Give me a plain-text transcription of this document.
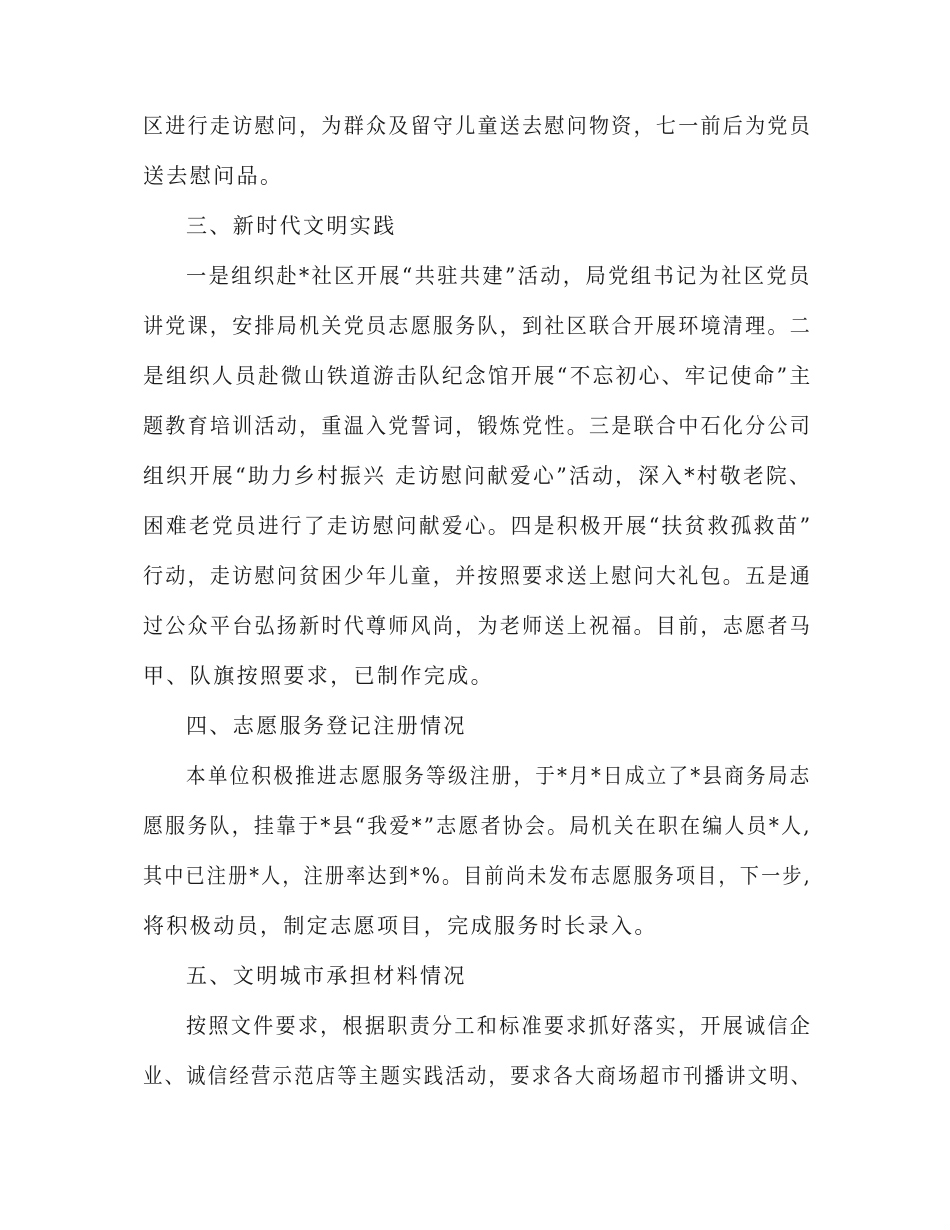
区进行走访慰问，为群众及留守儿童送去慰问物资，七一前后为党员
送去慰问品。
三、新时代文明实践
一是组织赴*社区开展“共驻共建”活动，局党组书记为社区党员
讲党课，安排局机关党员志愿服务队，到社区联合开展环境清理。二
是组织人员赴微山铁道游击队纪念馆开展“不忘初心、牢记使命”主
题教育培训活动，重温入党誓词，锻炼党性。三是联合中石化分公司
组织开展“助力乡村振兴 走访慰问献爱心”活动，深入*村敬老院、
困难老党员进行了走访慰问献爱心。四是积极开展“扶贫救孤救苗”
行动，走访慰问贫困少年儿童，并按照要求送上慰问大礼包。五是通
过公众平台弘扬新时代尊师风尚，为老师送上祝福。目前，志愿者马
甲、队旗按照要求，已制作完成。
四、志愿服务登记注册情况
本单位积极推进志愿服务等级注册，于*月*日成立了*县商务局志
愿服务队，挂靠于*县“我爱*”志愿者协会。局机关在职在编人员*人,
其中已注册*人，注册率达到*%。目前尚未发布志愿服务项目，下一步,
将积极动员，制定志愿项目，完成服务时长录入。
五、文明城市承担材料情况
按照文件要求，根据职责分工和标准要求抓好落实，开展诚信企
业、诚信经营示范店等主题实践活动，要求各大商场超市刊播讲文明、
